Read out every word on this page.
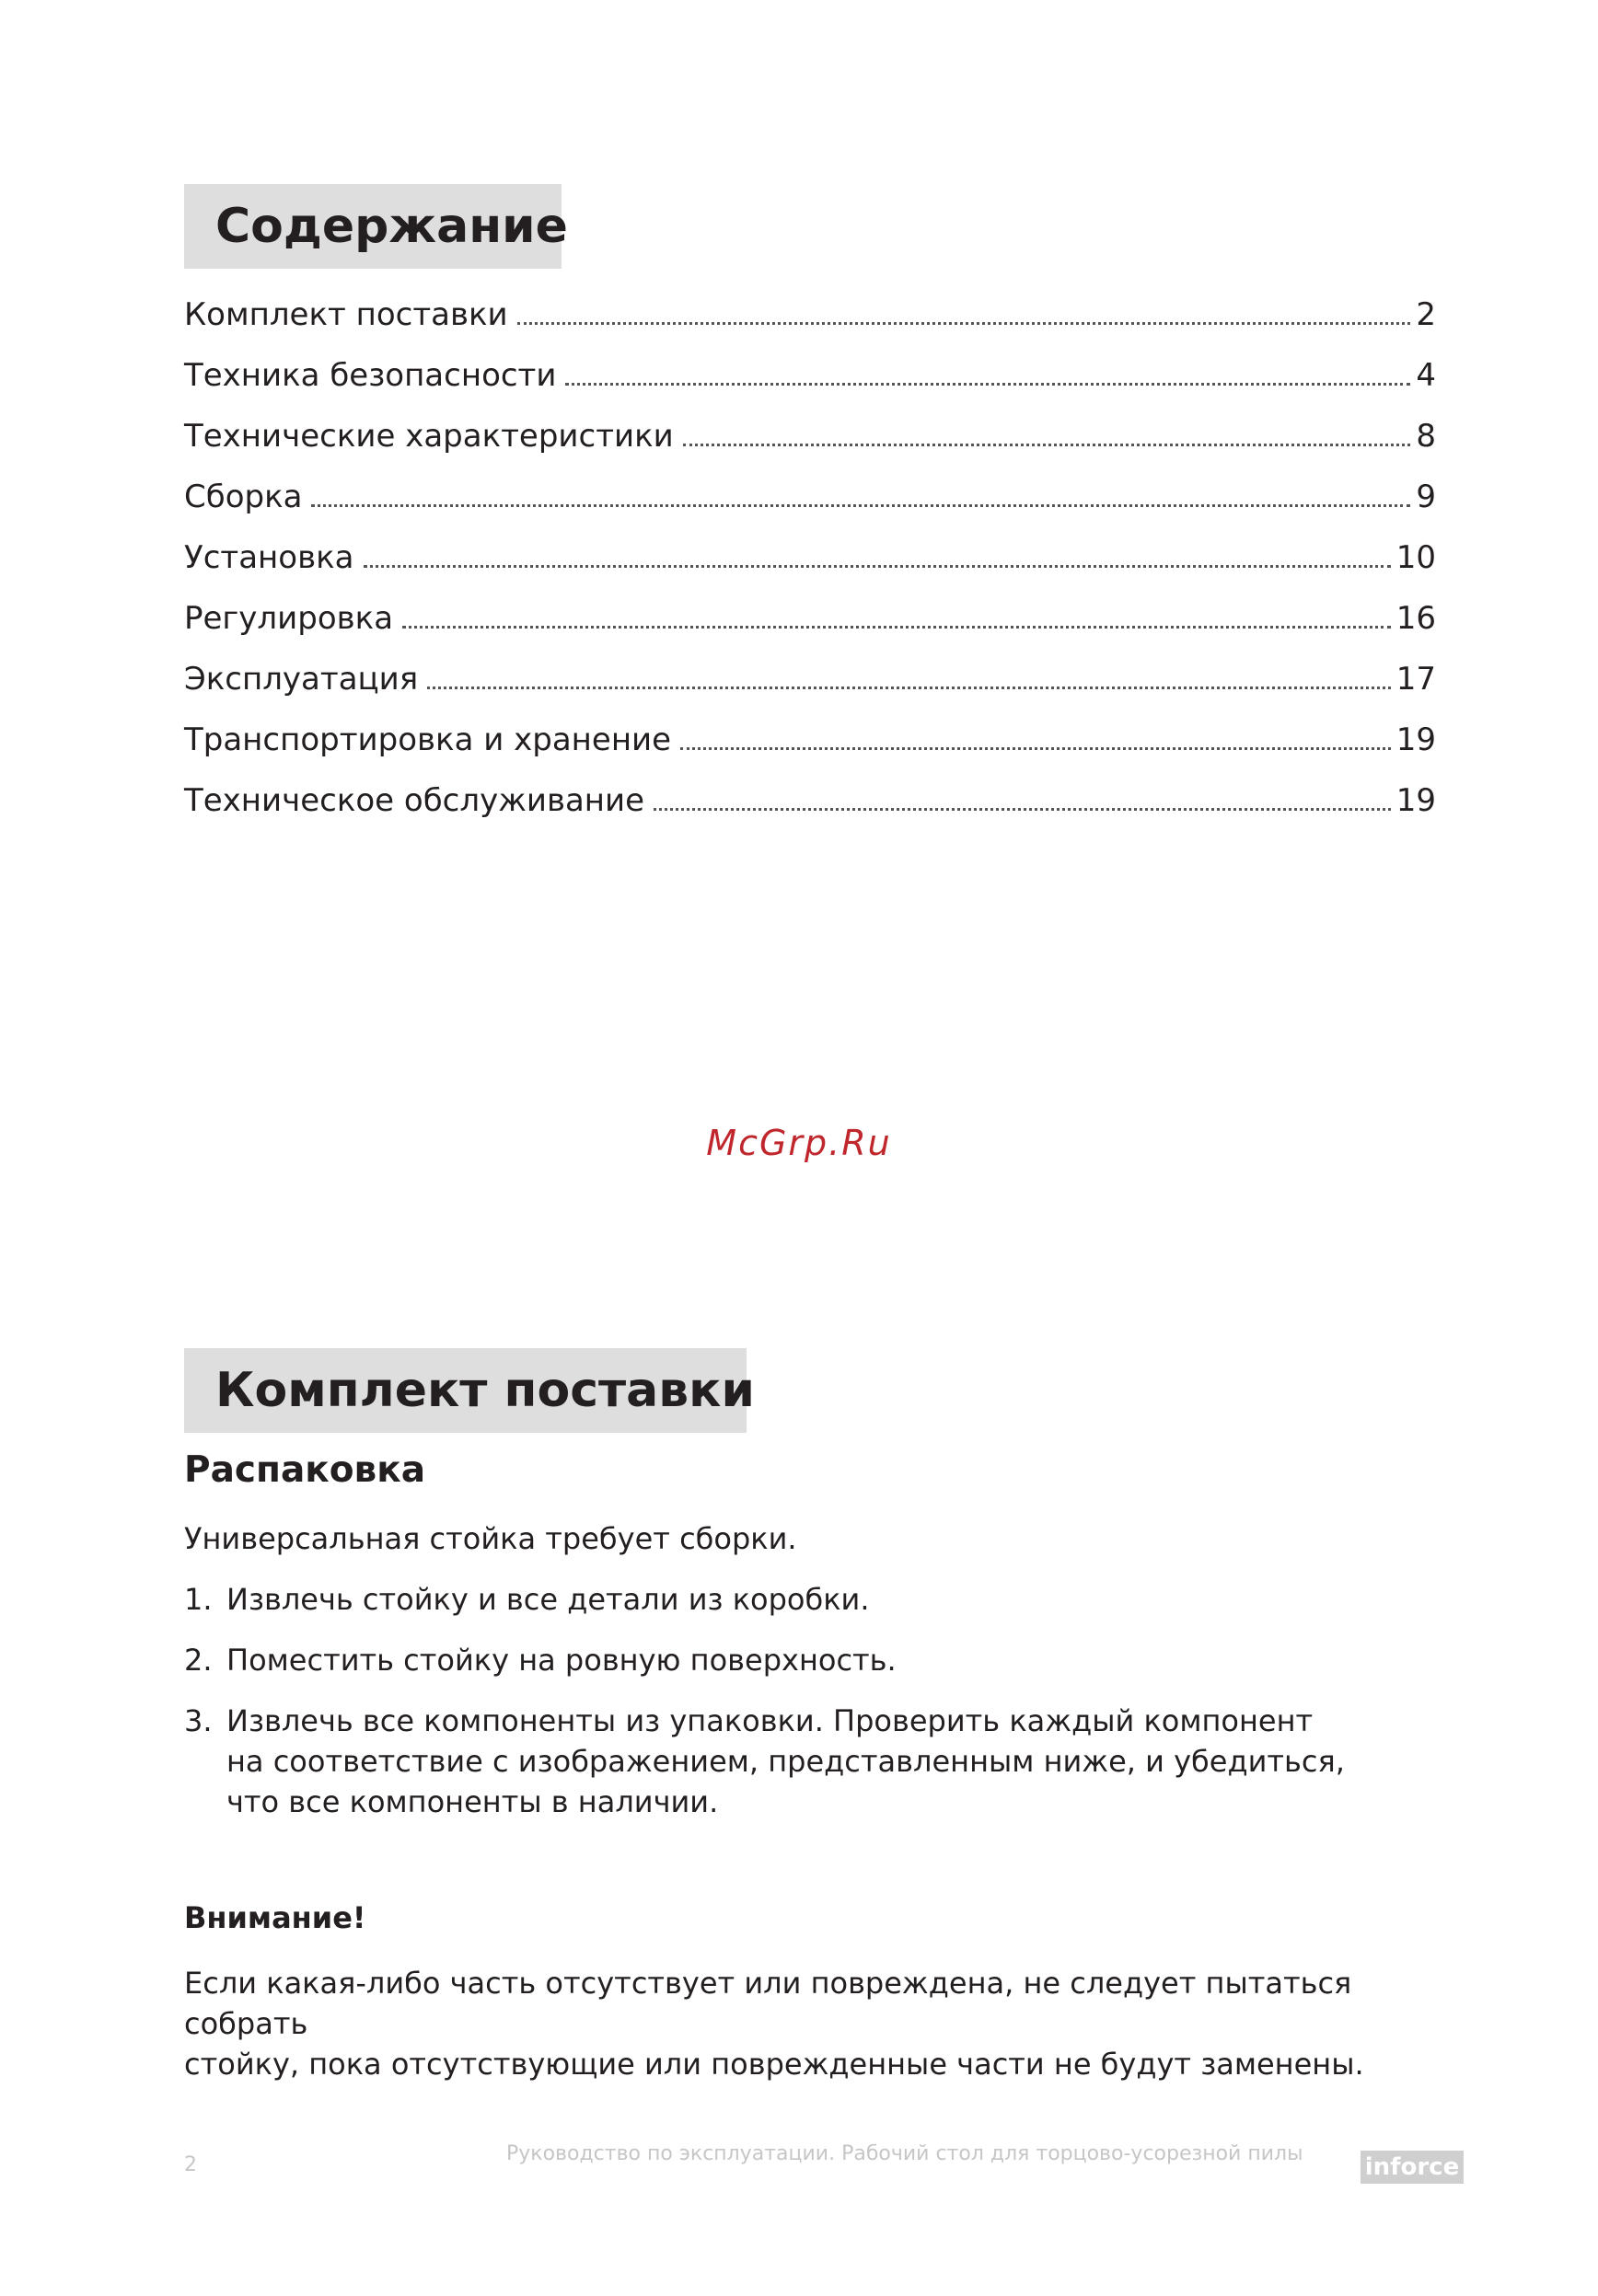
Содержание
Комплект поставки	2
Техника безопасности	4
Технические характеристики	8
Сборка	9
Установка	10
Регулировка	16
Эксплуатация	17
Транспортировка и хранение	19
Техническое обслуживание	19
McGrp.Ru
Комплект поставки
Распаковка

Универсальная стойка требует сборки.

1. Извлечь стойку и все детали из коробки.
2. Поместить стойку на ровную поверхность.
3. Извлечь все компоненты из упаковки. Проверить каждый компонент
на соответствие с изображением, представленным ниже, и убедиться,
что все компоненты в наличии.
Внимание!

Если какая-либо часть отсутствует или повреждена, не следует пытаться собрать
стойку, пока отсутствующие или поврежденные части не будут заменены.

2	Руководство по эксплуатации. Рабочий стол для торцово-усорезной пилы	inforce
